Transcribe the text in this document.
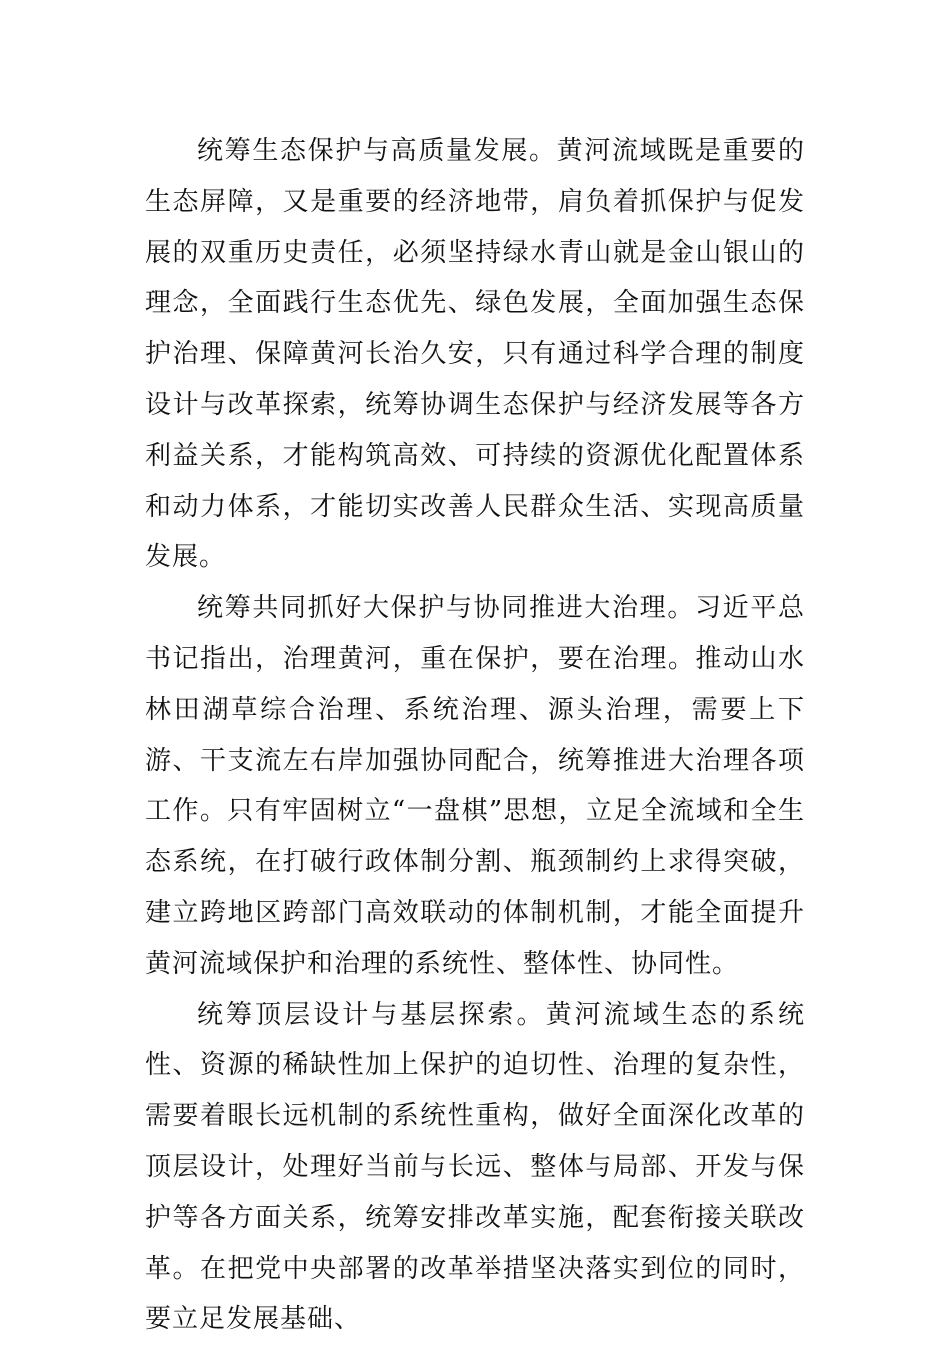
统筹生态保护与高质量发展。黄河流域既是重要的生态屏障，又是重要的经济地带，肩负着抓保护与促发展的双重历史责任，必须坚持绿水青山就是金山银山的理念，全面践行生态优先、绿色发展，全面加强生态保护治理、保障黄河长治久安，只有通过科学合理的制度设计与改革探索，统筹协调生态保护与经济发展等各方利益关系，才能构筑高效、可持续的资源优化配置体系和动力体系，才能切实改善人民群众生活、实现高质量发展。

统筹共同抓好大保护与协同推进大治理。习近平总书记指出，治理黄河，重在保护，要在治理。推动山水林田湖草综合治理、系统治理、源头治理，需要上下游、干支流左右岸加强协同配合，统筹推进大治理各项工作。只有牢固树立“一盘棋”思想，立足全流域和全生态系统，在打破行政体制分割、瓶颈制约上求得突破，建立跨地区跨部门高效联动的体制机制，才能全面提升黄河流域保护和治理的系统性、整体性、协同性。

统筹顶层设计与基层探索。黄河流域生态的系统性、资源的稀缺性加上保护的迫切性、治理的复杂性，需要着眼长远机制的系统性重构，做好全面深化改革的顶层设计，处理好当前与长远、整体与局部、开发与保护等各方面关系，统筹安排改革实施，配套衔接关联改革。在把党中央部署的改革举措坚决落实到位的同时，要立足发展基础、
